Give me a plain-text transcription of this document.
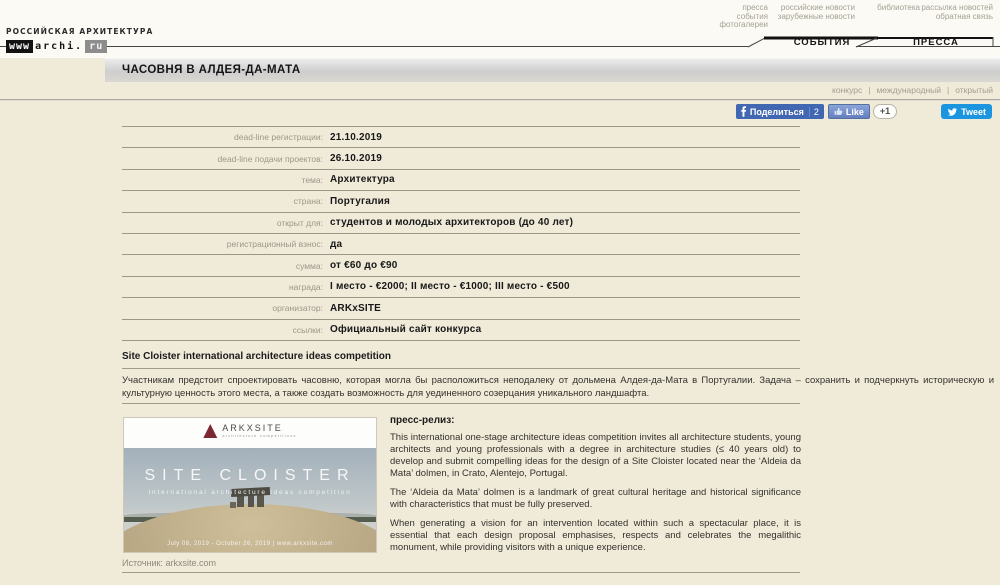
пресса
события
фотогалереи
российские новости
зарубежные новости
библиотека рассылка новостей
обратная связь
РОССИЙСКАЯ АРХИТЕКТУРА
www archi. ru	СОБЫТИЯ	ПРЕССА
ЧАСОВНЯ В АЛДЕЯ-ДА-МАТА
конкурс | международный | открытый
Поделиться	2	Like +1	Tweet
dead-line регистрации: 21.10.2019
dead-line подачи проектов: 26.10.2019
тема: Архитектура
страна: Португалия
открыт для: студентов и молодых архитекторов (до 40 лет)
регистрационный взнос: да
сумма: от €60 до €90
награда: I место - €2000; II место - €1000; III место - €500
организатор: ARKxSITE
ссылки: Официальный сайт конкурса
Site Cloister international architecture ideas competition
Участникам предстоит спроектировать часовню, которая могла бы расположиться неподалеку от дольмена Алдея-да-Мата в Португалии. Задача – сохранить и подчеркнуть историческую и культурную ценность этого места, а также создать возможность для уединенного созерцания уникального ландшафта.
SITE CLOISTER
International architecture ideas competition
July 08, 2019 - October 26, 2019 | www.arkxsite.com
ARKXSITE
architecture competitions
пресс-релиз:

This international one-stage architecture ideas competition invites all architecture students, young architects and young professionals with a degree in architecture studies (≤ 40 years old) to develop and submit compelling ideas for the design of a Site Cloister located near the ‘Aldeia da Mata’ dolmen, in Crato, Alentejo, Portugal.

The ‘Aldeia da Mata’ dolmen is a landmark of great cultural heritage and historical significance with characteristics that must be fully preserved.

When generating a vision for an intervention located within such a spectacular place, it is essential that each design proposal emphasises, respects and celebrates the megalithic monument, while providing visitors with a unique experience.

Источник: arkxsite.com
